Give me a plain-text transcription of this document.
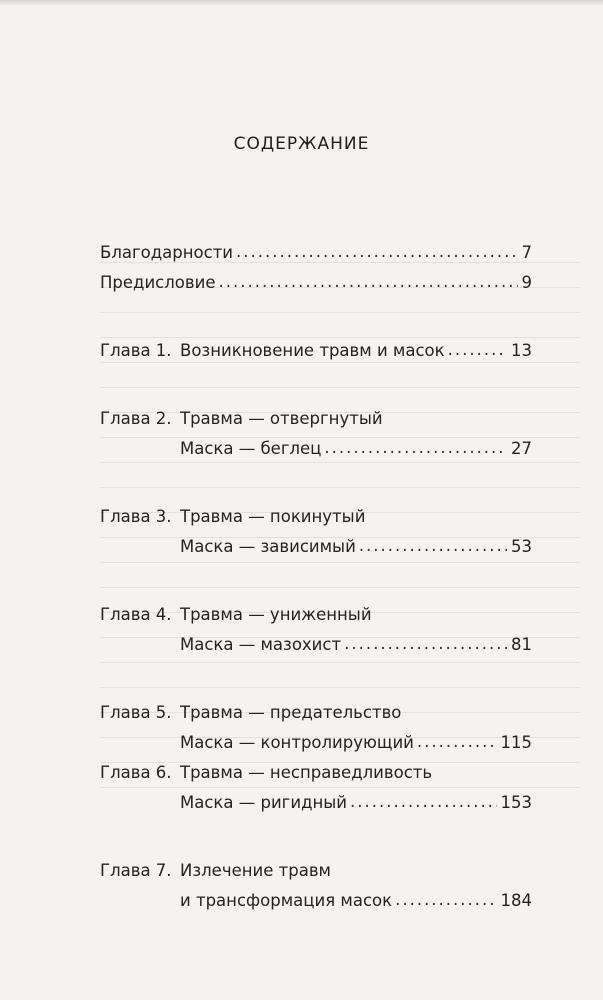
СОДЕРЖАНИЕ
Благодарности .....	7
Предисловие .....	9
Глава 1. Возникновение травм и масок .....	13
Глава 2. Травма — отвергнутый
Маска — беглец .....	27
Глава 3. Травма — покинутый
Маска — зависимый .....	53
Глава 4. Травма — униженный
Маска — мазохист .....	81
Глава 5. Травма — предательство
Маска — контролирующий .....	115
Глава 6. Травма — несправедливость
Маска — ригидный .....	153
Глава 7. Излечение травм
и трансформация масок .....	184
